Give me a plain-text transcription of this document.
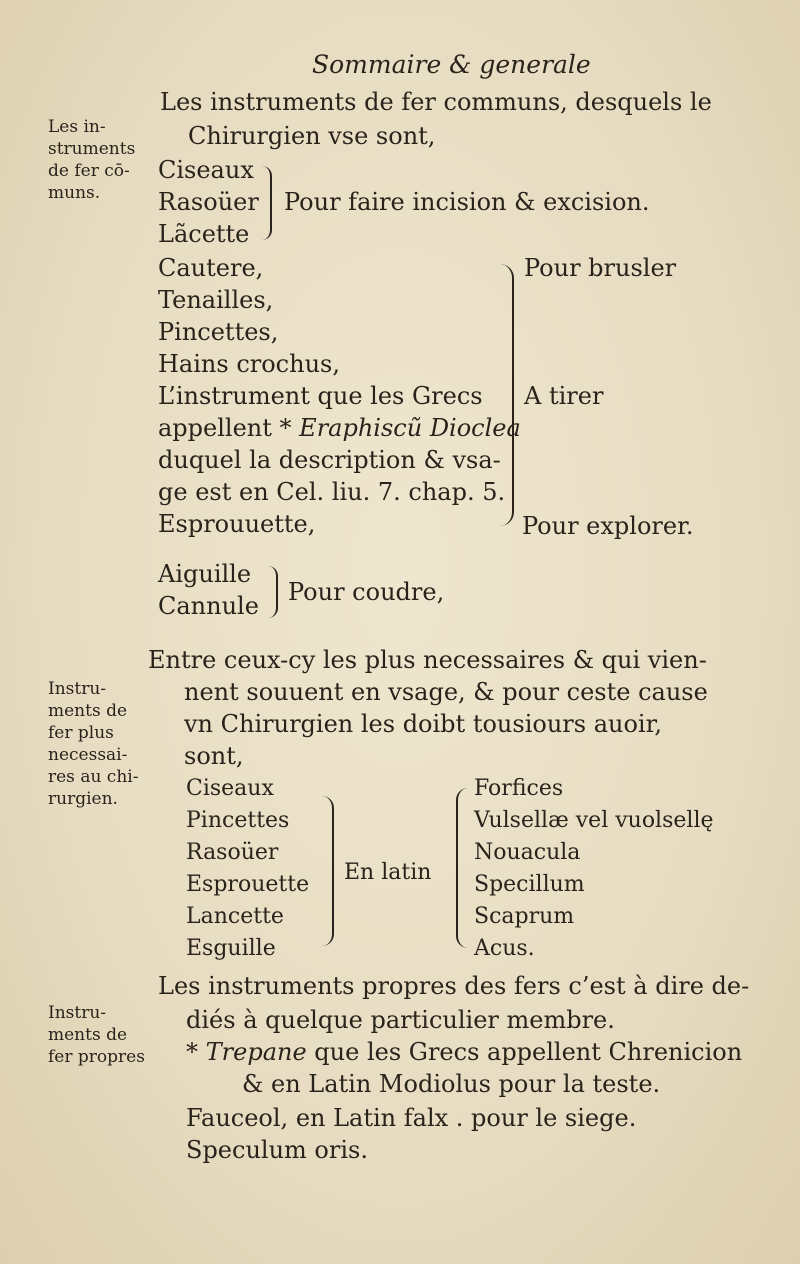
Sommaire & generale
Les in-
struments
de fer cō-
muns.
Instru-
ments de
fer plus
necessai-
res au chi-
rurgien.
Instru-
ments de
fer propres
Les instruments de fer communs, desquels le
Chirurgien vse sont,
Ciseaux
Rasoüer
Lãcette
Pour faire incision & excision.
Cautere,	Pour brusler
Tenailles,
Pincettes,
Hains crochus,
L’instrument que les Grecs
appellent * Eraphiscũ Dioclea
duquel la description & vsa-
ge est en Cel. liu. 7. chap. 5.
Esprouuette,
A tirer
Pour explorer.
Aiguille
Cannule Pour coudre,
Entre ceux-cy les plus necessaires & qui vien-
nent souuent en vsage, & pour ceste cause
vn Chirurgien les doibt tousiours auoir,
sont,
Ciseaux
Pincettes
Rasoüer
Esprouette
Lancette
Esguille
En latin
Forfices
Vulsellæ vel vuolsellę
Nouacula
Specillum
Scaprum
Acus.
Les instruments propres des fers c’est à dire de-
diés à quelque particulier membre.
* Trepane que les Grecs appellent Chrenicion
& en Latin Modiolus pour la teste.
Fauceol, en Latin falx . pour le siege.
Speculum oris.
